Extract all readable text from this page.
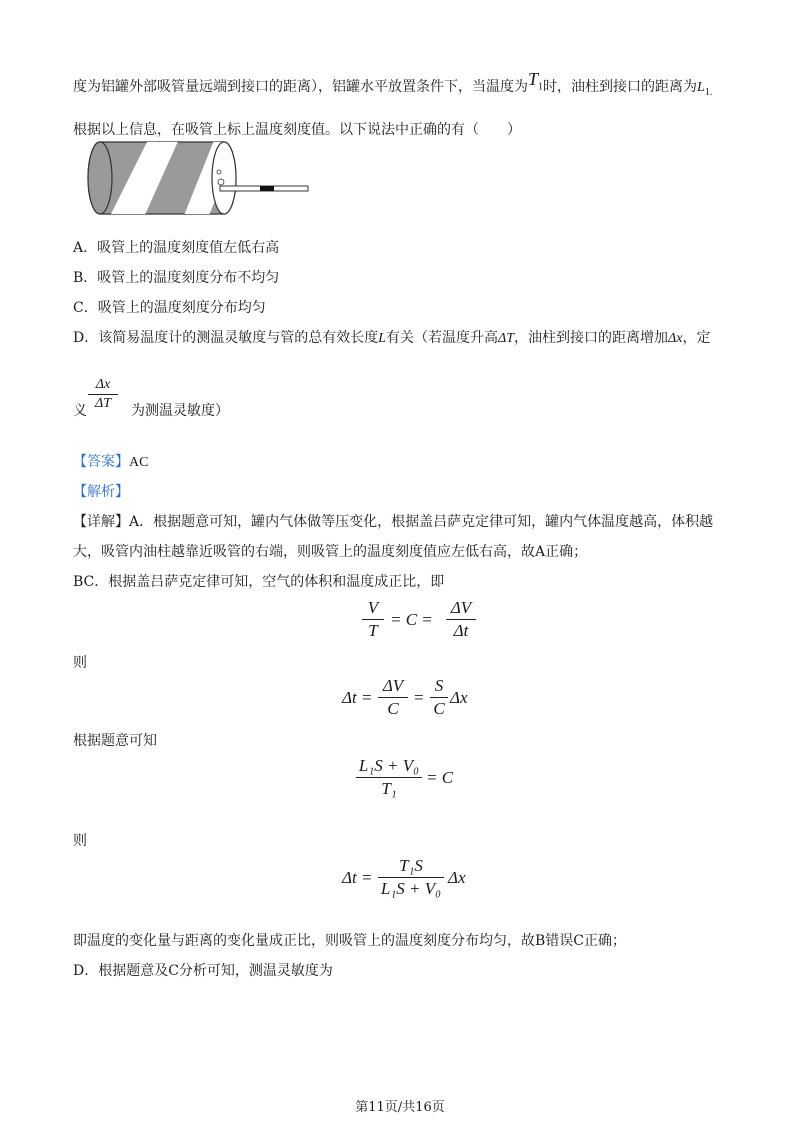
度为铝罐外部吸管量远端到接口的距离），铝罐水平放置条件下，当温度为$T_1$时，油柱到接口的距离为$L_{1.}$
根据以上信息，在吸管上标上温度刻度值。以下说法中正确的有（　　）
A．吸管上的温度刻度值左低右高
B．吸管上的温度刻度分布不均匀
C．吸管上的温度刻度分布均匀
D．该简易温度计的测温灵敏度与管的总有效长度L有关（若温度升高ΔT，油柱到接口的距离增加Δx，定
Δx
ΔT
义	为测温灵敏度）
【答案】AC
【解析】
【详解】A．根据题意可知，罐内气体做等压变化，根据盖吕萨克定律可知，罐内气体温度越高，体积越
大，吸管内油柱越靠近吸管的右端，则吸管上的温度刻度值应左低右高，故A正确；
BC．根据盖吕萨克定律可知，空气的体积和温度成正比，即
V
T
= C =
ΔV
Δt
则
Δt =
ΔV
C
=
S
C
Δx
根据题意可知
L₁S + V₀
T₁
= C
则
Δt =
T₁S
L₁S + V₀
Δx
即温度的变化量与距离的变化量成正比，则吸管上的温度刻度分布均匀，故B错误C正确；
D．根据题意及C分析可知，测温灵敏度为
第11页/共16页
